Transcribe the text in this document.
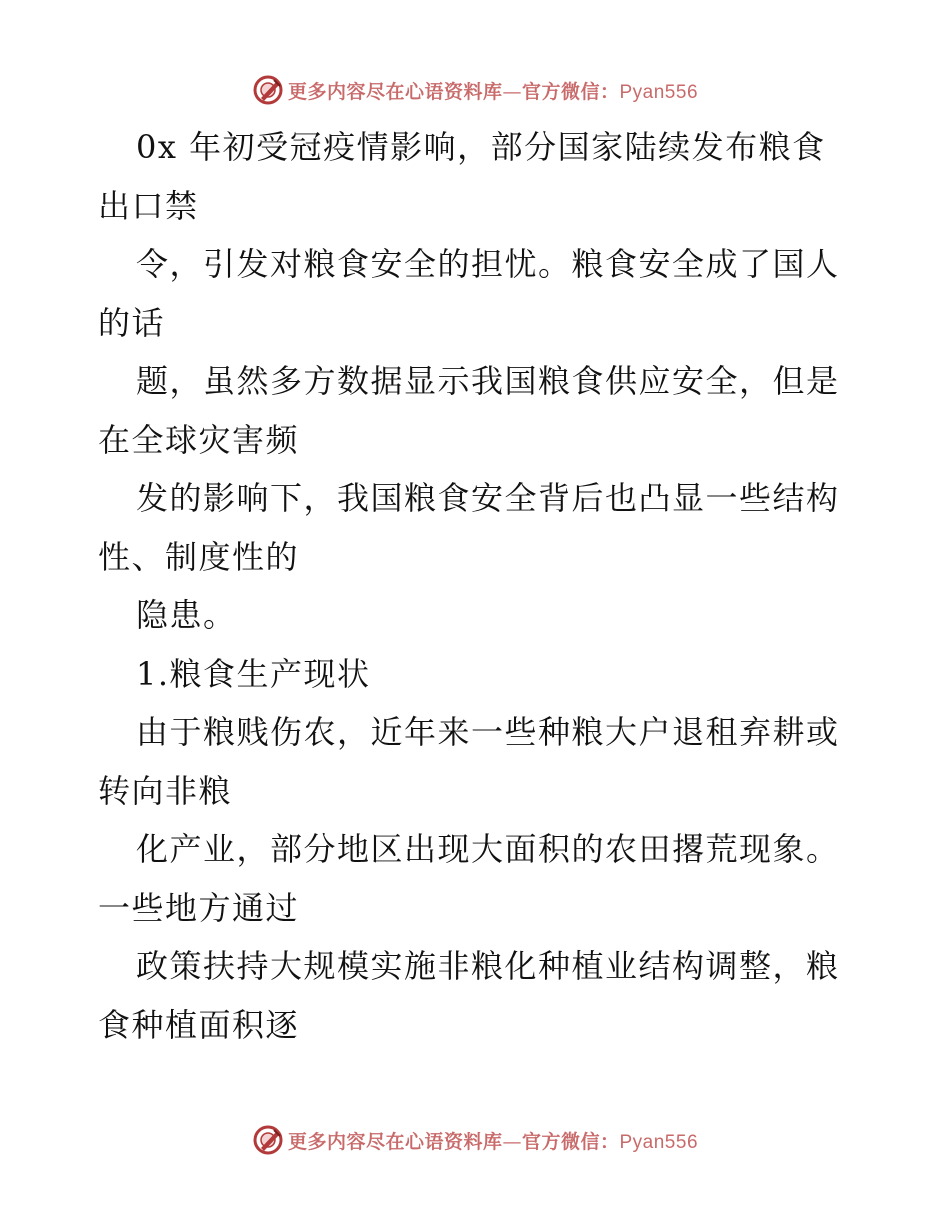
更多内容尽在心语资料库—官方微信：Pyan556
0x 年初受冠疫情影响，部分国家陆续发布粮食
出口禁
令，引发对粮食安全的担忧。粮食安全成了国人
的话
题，虽然多方数据显示我国粮食供应安全，但是
在全球灾害频
发的影响下，我国粮食安全背后也凸显一些结构
性、制度性的
隐患。
1.粮食生产现状
由于粮贱伤农，近年来一些种粮大户退租弃耕或
转向非粮
化产业，部分地区出现大面积的农田撂荒现象。
一些地方通过
政策扶持大规模实施非粮化种植业结构调整，粮
食种植面积逐
更多内容尽在心语资料库—官方微信：Pyan556
